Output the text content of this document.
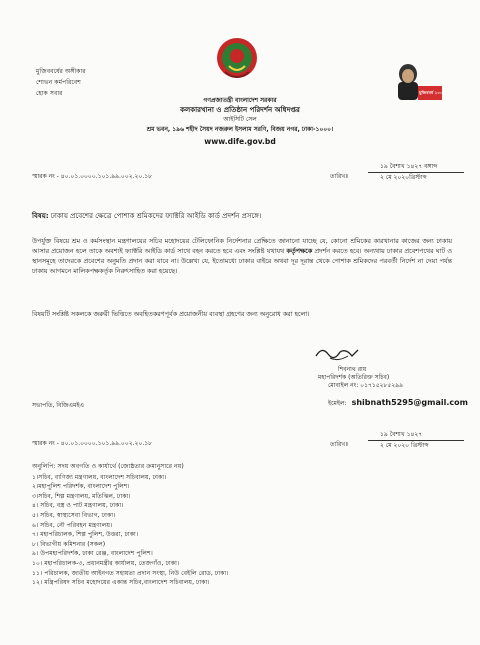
মুজিববর্ষের অঙ্গীকার
শোভন কর্মপরিবেশ
হোক সবার	মুজিববর্ষ ১০০
গণপ্রজাতন্ত্রী বাংলাদেশ সরকার
কলকারখানা ও প্রতিষ্ঠান পরিদর্শন অধিদপ্তর
আইসিটি সেল
শ্রম ভবন, ১৯৬ শহীদ সৈয়দ নজরুল ইসলাম সরণি, বিজয় নগর, ঢাকা-১০০০।
www.dife.gov.bd
স্মারক নং - ৪০.০১.০০০০.১০১.৯৯.০০২.২০.১৮	তারিখঃ
১৯ বৈশাখ ১৪২৭ বঙ্গাব্দ
২ মে ২০২০খ্রিস্টাব্দ
বিষয়: ঢাকায় প্রবেশের ক্ষেত্রে পোশাক শ্রমিকদের ফ্যাক্টরি আইডি কার্ড প্রদর্শন প্রসঙ্গে।
উপর্যুক্ত বিষয়ে শ্রম ও কর্মসংস্থান মন্ত্রণালয়ের সচিব মহোদয়ের টেলিফোনিক নির্দেশনার প্রেক্ষিতে জানানো যাচ্ছে যে, কোনো শ্রমিকের কারখানার কাজের জন্য ঢাকায় আসার প্রয়োজন হলে তাকে অবশ্যই ফ্যাক্টরি আইডি কার্ড সাথে বহন করতে হবে এবং সংশ্লিষ্ট যথাযথ কর্তৃপক্ষকে প্রদর্শন করতে হবে। অন্যথায় ঢাকার প্রবেশপথের ঘাট ও স্থানসমূহে তাদেরকে প্রবেশের অনুমতি প্রদান করা যাবে না। উল্লেখ্য যে, ইতোমধ্যে ঢাকার বাইরে অথবা দূর দূরান্ত থেকে পোশাক শ্রমিকদের পরবর্তী নির্দেশ না দেয়া পর্যন্ত ঢাকায় আগমনে মালিকপক্ষকর্তৃক নিরুৎসাহিত করা হয়েছে।
বিষয়টি সংশ্লিষ্ট সকলকে জরুরী ভিত্তিতে অবহিতকরণপূর্বক প্রয়োজনীয় ব্যবস্থা গ্রহণের জন্য অনুরোধ করা হলো।
শিবনাথ রায়
মহাপরিদর্শক (অতিরিক্ত সচিব)
মোবাইল নং: ০১৭১৫২৮৫২৯৯
ইমেইল: shibnath5295@gmail.com
সভাপতি, বিজিএমইএ
স্মারক নং - ৪০.০১.০০০০.১০১.৯৯.০০২.২০.১৮	তারিখঃ
১৯ বৈশাখ ১৪২৭
২ মে ২০২০ খ্রিস্টাব্দ
অনুলিপি: সদয় অবগতি ও কার্যার্থে (জ্যেষ্ঠতার ক্রমানুসারে নয়)
১।সচিব, বাণিজ্য মন্ত্রণালয়, বাংলাদেশ সচিবালয়, ঢাকা।
২।মহাপুলিশ পরিদর্শক, বাংলাদেশ পুলিশ।
৩।সচিব, শিল্প মন্ত্রণালয়, মতিঝিল, ঢাকা।
৪। সচিব, বস্ত্র ও পাট মন্ত্রণালয়, ঢাকা।
৫। সচিব, স্বাস্থ্যসেবা বিভাগ, ঢাকা।
৬। সচিব, নৌ পরিবহন মন্ত্রণালয়।
৭। মহাপরিচালক, শিল্প পুলিশ, উত্তরা, ঢাকা।
৮। বিভাগীয় কমিশনার (সকল)
৯। উপমহাপরিদর্শক, ঢাকা রেঞ্জ, বাংলাদেশ পুলিশ।
১০। মহাপরিচালক-৩, প্রধানমন্ত্রীর কার্যালয়, তেজগাঁও, ঢাকা।
১১। পরিচালক, জাতীয় আইনগত সহায়তা প্রদান সংস্থা, নিউ বেইলি রোড, ঢাকা।
১২। মন্ত্রিপরিষদ সচিব মহোদয়ের একান্ত সচিব,বাংলাদেশ সচিবালয়, ঢাকা।
